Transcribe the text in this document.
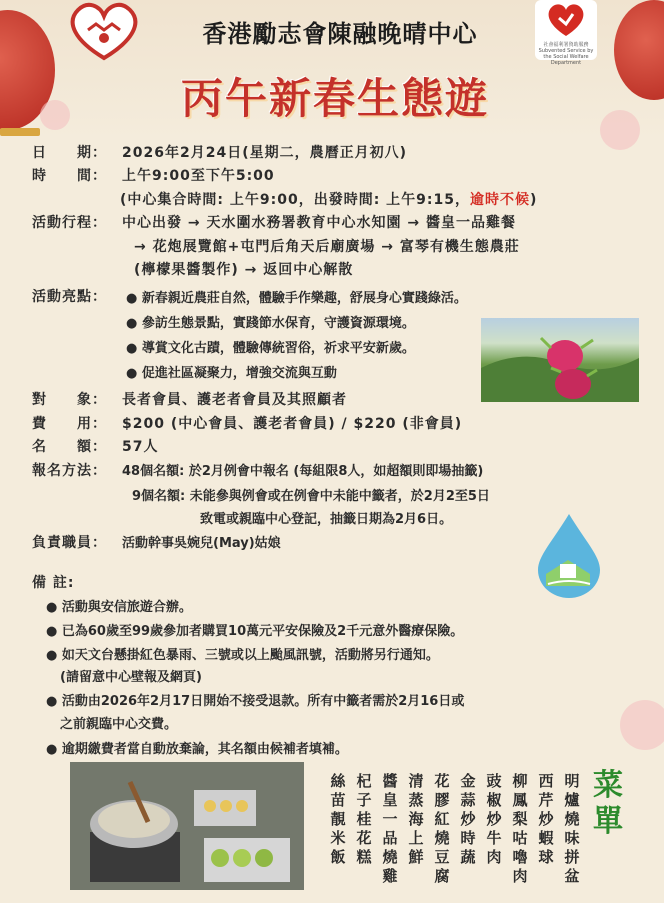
社會福利署資助服務 Subvented Service by the Social Welfare Department
香港勵志會陳融晚晴中心
丙午新春生態遊
日　　期： 2026年2月24日(星期二，農曆正月初八)
時　　間： 上午9:00至下午5:00
(中心集合時間: 上午9:00，出發時間: 上午9:15，逾時不候)
活動行程： 中心出發 → 天水圍水務署教育中心水知園 → 醬皇一品雞餐
→ 花炮展覽館+屯門后角天后廟廣場 → 富琴有機生態農莊
(檸檬果醬製作) → 返回中心解散
活動亮點： ● 新春親近農莊自然，體驗手作樂趣，舒展身心實踐綠活。
● 參訪生態景點，實踐節水保育，守護資源環境。
● 導賞文化古蹟，體驗傳統習俗，祈求平安新歲。
● 促進社區凝聚力，增強交流與互動
對　　象： 長者會員、護老者會員及其照顧者
費　　用： $200 (中心會員、護老者會員) / $220 (非會員)
名　　額： 57人
報名方法： 48個名額: 於2月例會中報名 (每組限8人，如超額則即場抽籤)
9個名額: 未能參與例會或在例會中未能中籤者，於2月2至5日
致電或親臨中心登記，抽籤日期為2月6日。
負責職員： 活動幹事吳婉兒(May)姑娘
備 註:
● 活動與安信旅遊合辦。
● 已為60歲至99歲參加者購買10萬元平安保險及2千元意外醫療保險。
● 如天文台懸掛紅色暴雨、三號或以上颱風訊號，活動將另行通知。
(請留意中心壁報及網頁)
● 活動由2026年2月17日開始不接受退款。所有中籤者需於2月16日或
之前親臨中心交費。
● 逾期繳費者當自動放棄論，其名額由候補者填補。
菜單
明爐燒味拼盆
西芹炒蝦球
柳鳳梨咕嚕肉
豉椒炒牛肉
金蒜炒時蔬
花膠紅燒豆腐
清蒸海上鮮
醬皇一品燒雞
杞子桂花糕
絲苗靚米飯
